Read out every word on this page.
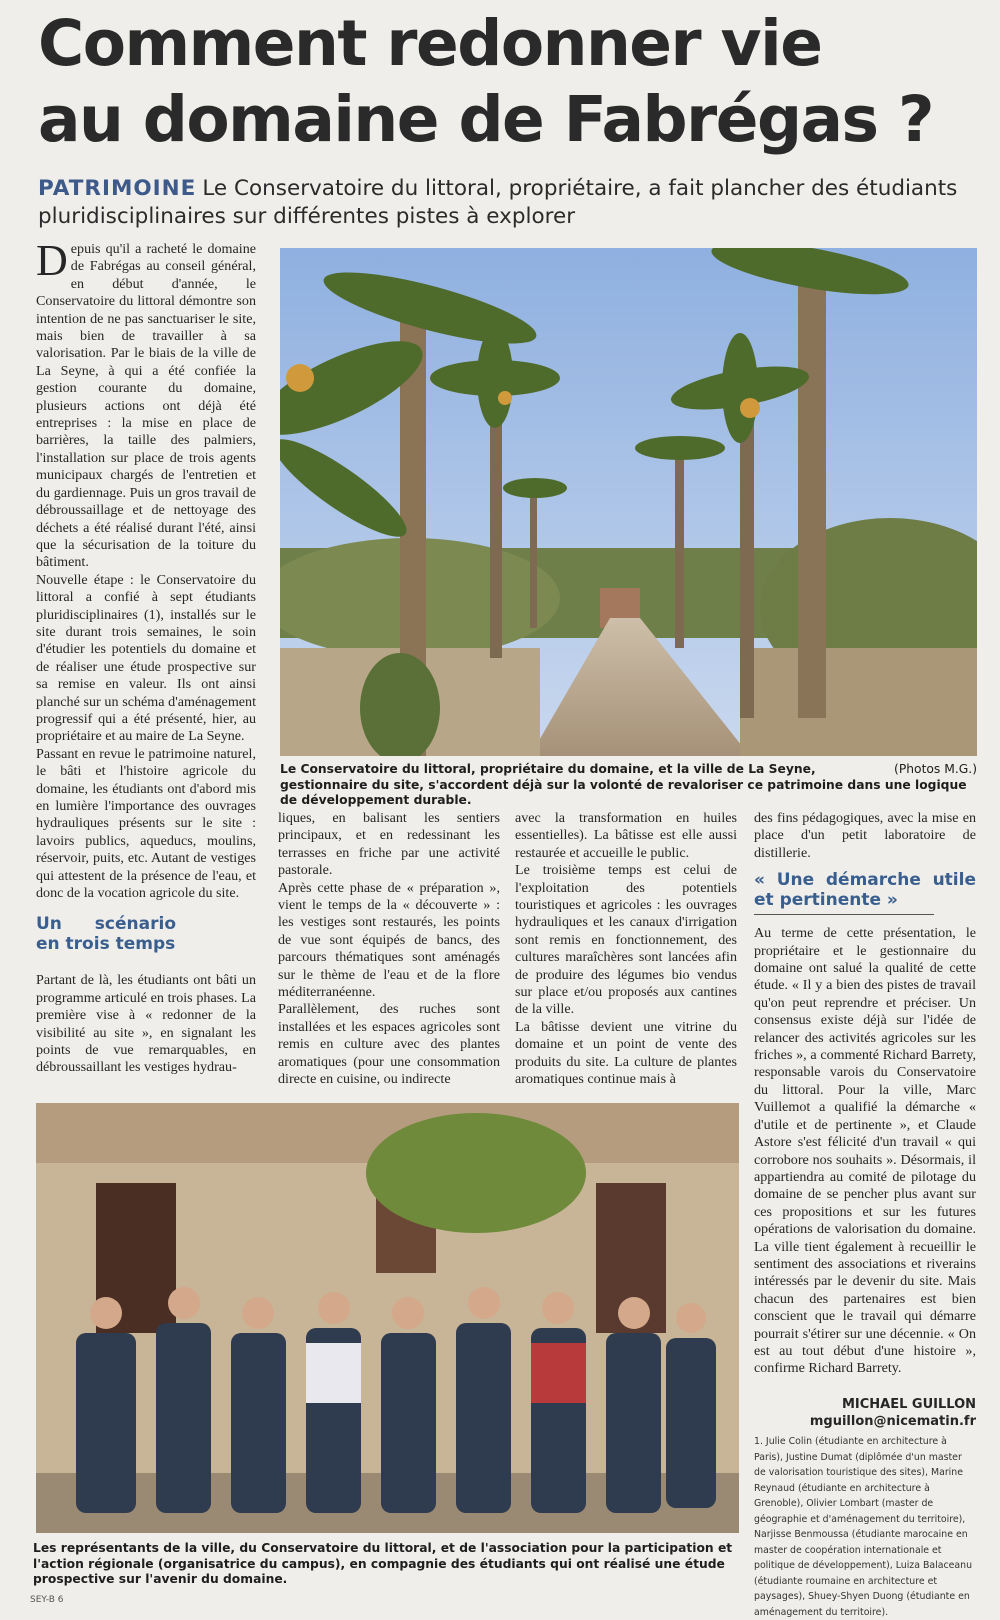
Comment redonner vie
au domaine de Fabrégas ?
PATRIMOINE Le Conservatoire du littoral, propriétaire, a fait plancher des étudiants pluridisciplinaires sur différentes pistes à explorer

Depuis qu'il a racheté le domaine de Fabrégas au conseil général, en début d'année, le Conservatoire du littoral démontre son intention de ne pas sanctuariser le site, mais bien de travailler à sa valorisation. Par le biais de la ville de La Seyne, à qui a été confiée la gestion courante du domaine, plusieurs actions ont déjà été entreprises : la mise en place de barrières, la taille des palmiers, l'installation sur place de trois agents municipaux chargés de l'entretien et du gardiennage. Puis un gros travail de débroussaillage et de nettoyage des déchets a été réalisé durant l'été, ainsi que la sécurisation de la toiture du bâtiment.

Nouvelle étape : le Conservatoire du littoral a confié à sept étudiants pluridisciplinaires (1), installés sur le site durant trois semaines, le soin d'étudier les potentiels du domaine et de réaliser une étude prospective sur sa remise en valeur. Ils ont ainsi planché sur un schéma d'aménagement progressif qui a été présenté, hier, au propriétaire et au maire de La Seyne.

Passant en revue le patrimoine naturel, le bâti et l'histoire agricole du domaine, les étudiants ont d'abord mis en lumière l'importance des ouvrages hydrauliques présents sur le site : lavoirs publics, aqueducs, moulins, réservoir, puits, etc. Autant de vestiges qui attestent de la présence de l'eau, et donc de la vocation agricole du site.

Un scénario en trois temps

Partant de là, les étudiants ont bâti un programme articulé en trois phases. La première vise à « redonner de la visibilité au site », en signalant les points de vue remarquables, en débroussaillant les vestiges hydrau-

(Photos M.G.)
Le Conservatoire du littoral, propriétaire du domaine, et la ville de La Seyne, gestionnaire du site, s'accordent déjà sur la volonté de revaloriser ce patrimoine dans une logique de développement durable.

liques, en balisant les sentiers principaux, et en redessinant les terrasses en friche par une activité pastorale.

Après cette phase de « préparation », vient le temps de la « découverte » : les vestiges sont restaurés, les points de vue sont équipés de bancs, des parcours thématiques sont aménagés sur le thème de l'eau et de la flore méditerranéenne.

Parallèlement, des ruches sont installées et les espaces agricoles sont remis en culture avec des plantes aromatiques (pour une consommation directe en cuisine, ou indirecte

avec la transformation en huiles essentielles). La bâtisse est elle aussi restaurée et accueille le public.

Le troisième temps est celui de l'exploitation des potentiels touristiques et agricoles : les ouvrages hydrauliques et les canaux d'irrigation sont remis en fonctionnement, des cultures maraîchères sont lancées afin de produire des légumes bio vendus sur place et/ou proposés aux cantines de la ville.

La bâtisse devient une vitrine du domaine et un point de vente des produits du site. La culture de plantes aromatiques continue mais à

des fins pédagogiques, avec la mise en place d'un petit laboratoire de distillerie.

« Une démarche utile et pertinente »

Au terme de cette présentation, le propriétaire et le gestionnaire du domaine ont salué la qualité de cette étude. « Il y a bien des pistes de travail qu'on peut reprendre et préciser. Un consensus existe déjà sur l'idée de relancer des activités agricoles sur les friches », a commenté Richard Barrety, responsable varois du Conservatoire du littoral. Pour la ville, Marc Vuillemot a qualifié la démarche « d'utile et de pertinente », et Claude Astore s'est félicité d'un travail « qui corrobore nos souhaits ». Désormais, il appartiendra au comité de pilotage du domaine de se pencher plus avant sur ces propositions et sur les futures opérations de valorisation du domaine. La ville tient également à recueillir le sentiment des associations et riverains intéressés par le devenir du site. Mais chacun des partenaires est bien conscient que le travail qui démarre pourrait s'étirer sur une décennie. « On est au tout début d'une histoire », confirme Richard Barrety.

MICHAEL GUILLON
mguillon@nicematin.fr
1. Julie Colin (étudiante en architecture à Paris), Justine Dumat (diplômée d'un master de valorisation touristique des sites), Marine Reynaud (étudiante en architecture à Grenoble), Olivier Lombart (master de géographie et d'aménagement du territoire), Narjisse Benmoussa (étudiante marocaine en master de coopération internationale et politique de développement), Luiza Balaceanu (étudiante roumaine en architecture et paysages), Shuey-Shyen Duong (étudiante en aménagement du territoire).
Les représentants de la ville, du Conservatoire du littoral, et de l'association pour la participation et l'action régionale (organisatrice du campus), en compagnie des étudiants qui ont réalisé une étude prospective sur l'avenir du domaine.
SEY-B 6
